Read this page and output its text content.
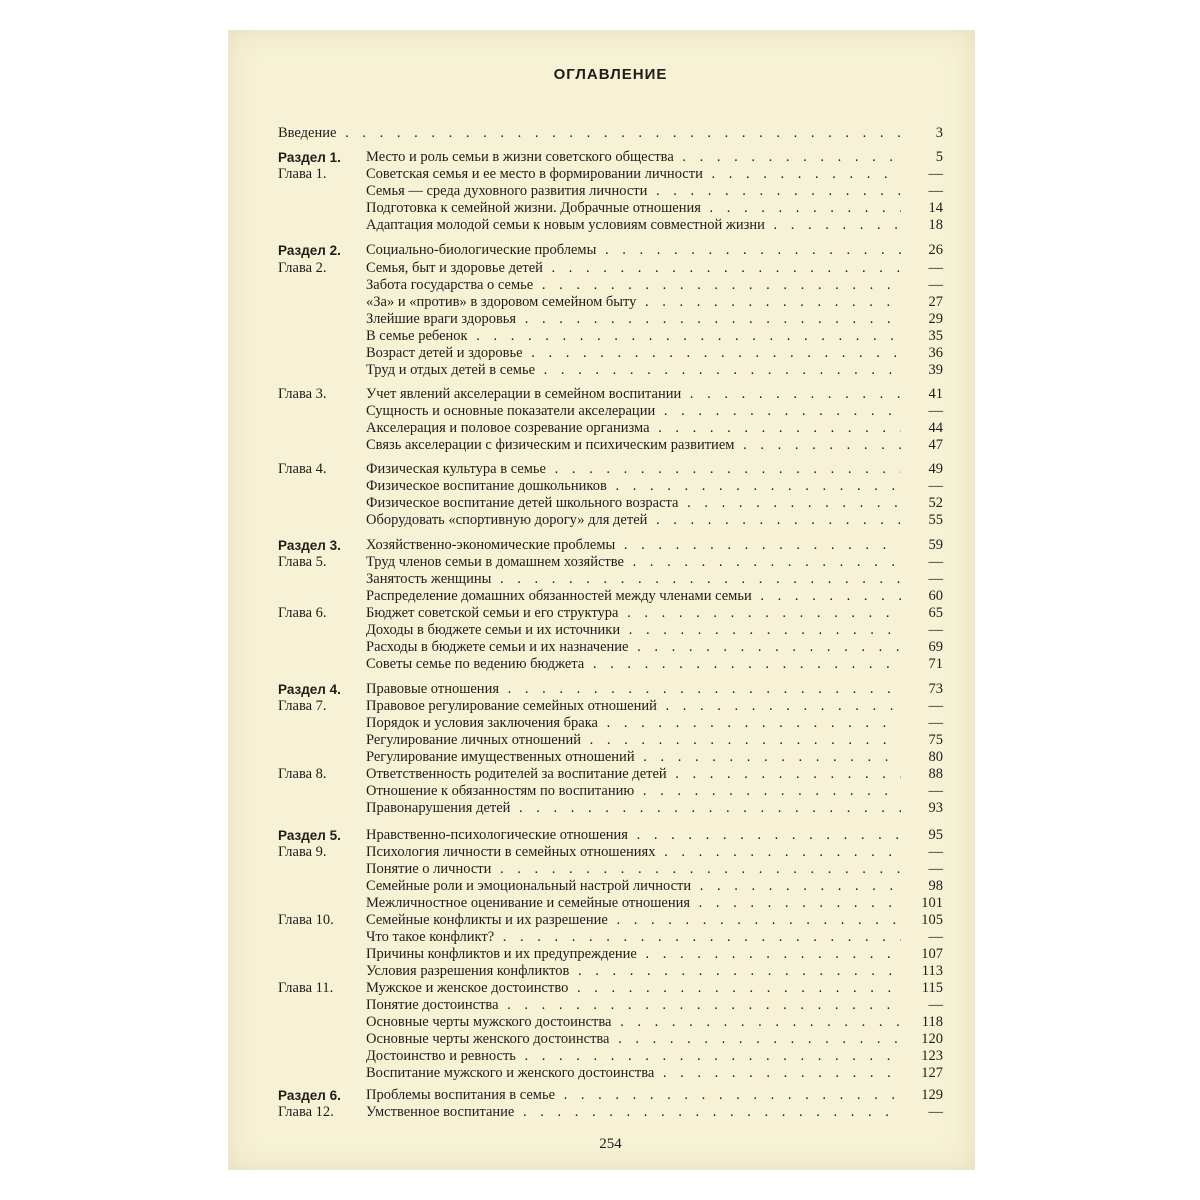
ОГЛАВЛЕНИЕ
Введение . . .	3
Раздел 1. Место и роль семьи в жизни советского общества . . .	5
Глава 1.	Советская семья и ее место в формировании личности . . .	—
Семья — среда духовного развития личности . . .	—
Подготовка к семейной жизни. Добрачные отношения . . .	14
Адаптация молодой семьи к новым условиям совместной жизни . . .	18
Раздел 2. Социально-биологические проблемы . . .	26
Глава 2.	Семья, быт и здоровье детей . . .	—
Забота государства о семье . . .	—
«За» и «против» в здоровом семейном быту . . .	27
Злейшие враги здоровья . . .	29
В семье ребенок . . .	35
Возраст детей и здоровье . . .	36
Труд и отдых детей в семье . . .	39
Глава 3.	Учет явлений акселерации в семейном воспитании . . .	41
Сущность и основные показатели акселерации . . .	—
Акселерация и половое созревание организма . . .	44
Связь акселерации с физическим и психическим развитием . . .	47
Глава 4.	Физическая культура в семье . . .	49
Физическое воспитание дошкольников . . .	—
Физическое воспитание детей школьного возраста . . .	52
Оборудовать «спортивную дорогу» для детей . . .	55
Раздел 3. Хозяйственно-экономические проблемы . . .	59
Глава 5.	Труд членов семьи в домашнем хозяйстве . . .	—
Занятость женщины . . .	—
Распределение домашних обязанностей между членами семьи . . .	60
Глава 6.	Бюджет советской семьи и его структура . . .	65
Доходы в бюджете семьи и их источники . . .	—
Расходы в бюджете семьи и их назначение . . .	69
Советы семье по ведению бюджета . . .	71
Раздел 4. Правовые отношения . . .	73
Глава 7.	Правовое регулирование семейных отношений . . .	—
Порядок и условия заключения брака . . .	—
Регулирование личных отношений . . .	75
Регулирование имущественных отношений . . .	80
Глава 8.	Ответственность родителей за воспитание детей . . .	88
Отношение к обязанностям по воспитанию . . .	—
Правонарушения детей . . .	93
Раздел 5. Нравственно-психологические отношения . . .	95
Глава 9.	Психология личности в семейных отношениях . . .	—
Понятие о личности . . .	—
Семейные роли и эмоциональный настрой личности . . .	98
Межличностное оценивание и семейные отношения . . .	101
Глава 10. Семейные конфликты и их разрешение . . .	105
Что такое конфликт? . . .	—
Причины конфликтов и их предупреждение . . .	107
Условия разрешения конфликтов . . .	113
Глава 11. Мужское и женское достоинство . . .	115
Понятие достоинства . . .	—
Основные черты мужского достоинства . . .	118
Основные черты женского достоинства . . .	120
Достоинство и ревность . . .	123
Воспитание мужского и женского достоинства . . .	127
Раздел 6. Проблемы воспитания в семье . . .	129
Глава 12. Умственное воспитание . . .	—
254
